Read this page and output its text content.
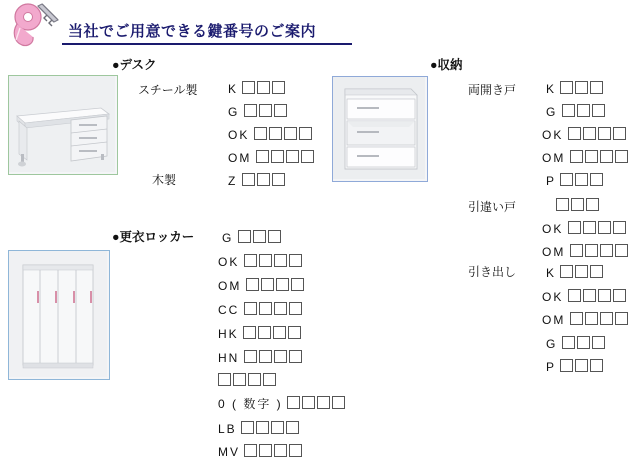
当社でご用意できる鍵番号のご案内
●デスク
スチール製
木製
K
G
OK
OM
Z
●更衣ロッカー G
OK
OM
CC
HK
HN
0 ( 数字 )
LB
MV
●収納
両開き戸
引違い戸
引き出し
K
G
OK
OM
P
OK
OM
K
OK
OM
G
P
